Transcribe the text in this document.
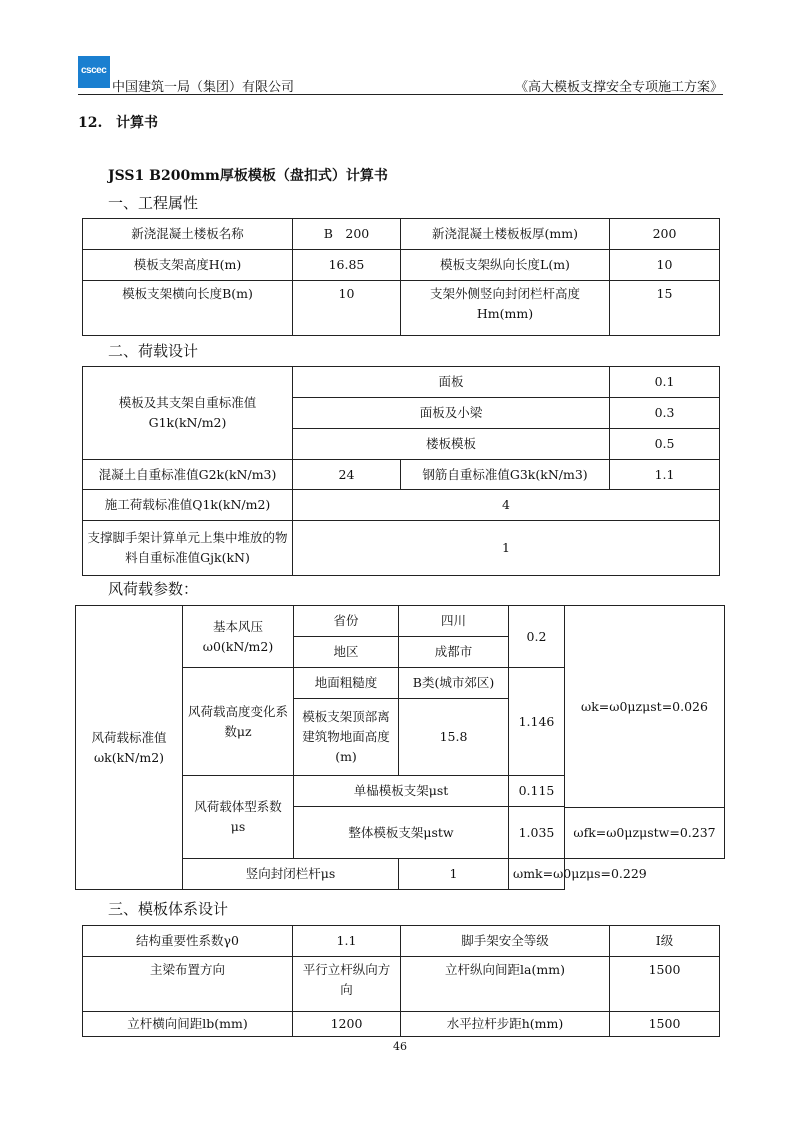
cscec
中国建筑一局（集团）有限公司	《高大模板支撑安全专项施工方案》
12. 计算书
JSS1 B200mm厚板模板（盘扣式）计算书
一、工程属性
新浇混凝土楼板名称	B　200	新浇混凝土楼板板厚(mm)	200
模板支架高度H(m)	16.85	模板支架纵向长度L(m)	10
模板支架横向长度B(m)	10	支架外侧竖向封闭栏杆高度Hm(mm)	15
二、荷载设计
模板及其支架自重标准值G1k(kN/m2)	面板		0.1
	面板及小梁		0.3
	楼板模板		0.5
混凝土自重标准值G2k(kN/m3)	24	钢筋自重标准值G3k(kN/m3)	1.1
施工荷载标准值Q1k(kN/m2)	4		
支撑脚手架计算单元上集中堆放的物料自重标准值Gjk(kN)	1		
风荷载参数：
风荷载标准值ωk(kN/m2)	基本风压ω0(kN/m2)	省份	四川	0.2	ωk=ω0μzμst=0.026
		地区	成都市		
	风荷载高度变化系数μz	地面粗糙度	B类(城市郊区)	1.146	
		模板支架顶部离建筑物地面高度(m)	15.8		
	风荷载体型系数μs	单榀模板支架μst		0.115	
		整体模板支架μstw		1.035	
					ωfk=ω0μzμstw=0.237
	竖向封闭栏杆μs		1	ωmk=ω0μzμs=0.229	
三、模板体系设计
结构重要性系数γ0	1.1	脚手架安全等级	Ⅰ级
主梁布置方向	平行立杆纵向方向	立杆纵向间距la(mm)	1500
立杆横向间距lb(mm)	1200	水平拉杆步距h(mm)	1500
46
